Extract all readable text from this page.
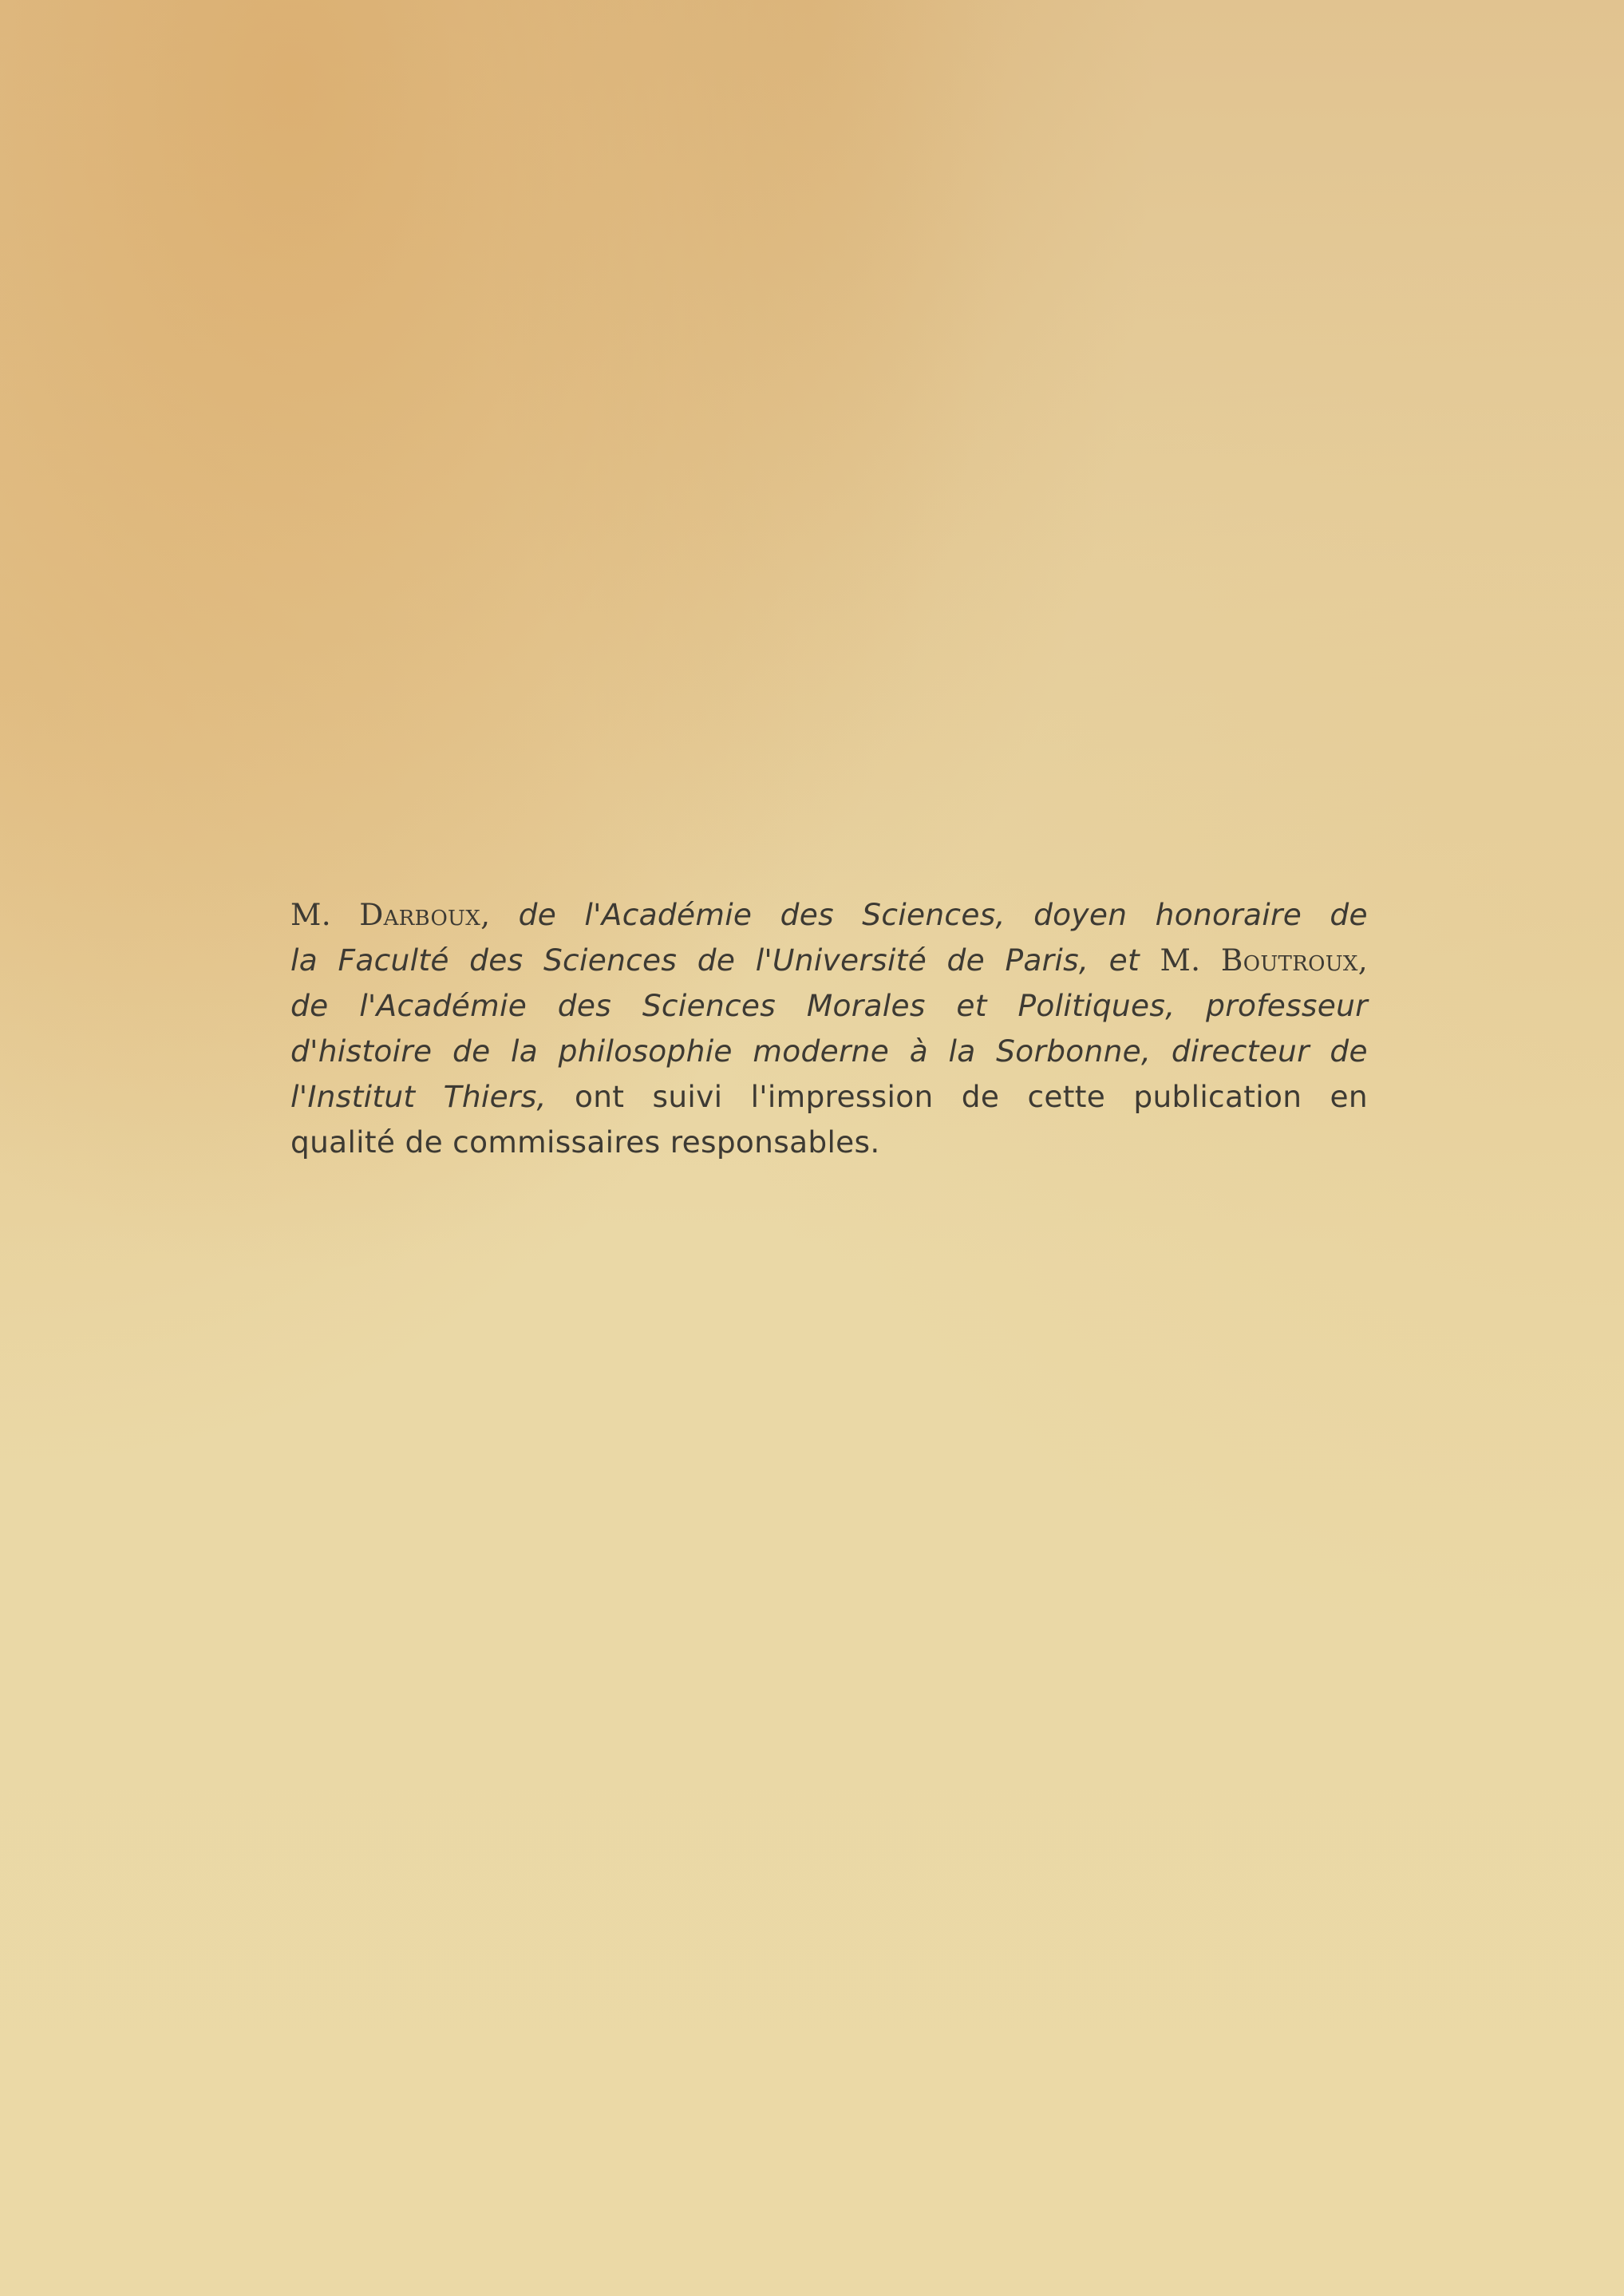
M. Darboux, de l'Académie des Sciences, doyen honoraire de
la Faculté des Sciences de l'Université de Paris, et M. Boutroux,
de l'Académie des Sciences Morales et Politiques, professeur
d'histoire de la philosophie moderne à la Sorbonne, directeur de
l'Institut Thiers, ont suivi l'impression de cette publication en
qualité de commissaires responsables.
